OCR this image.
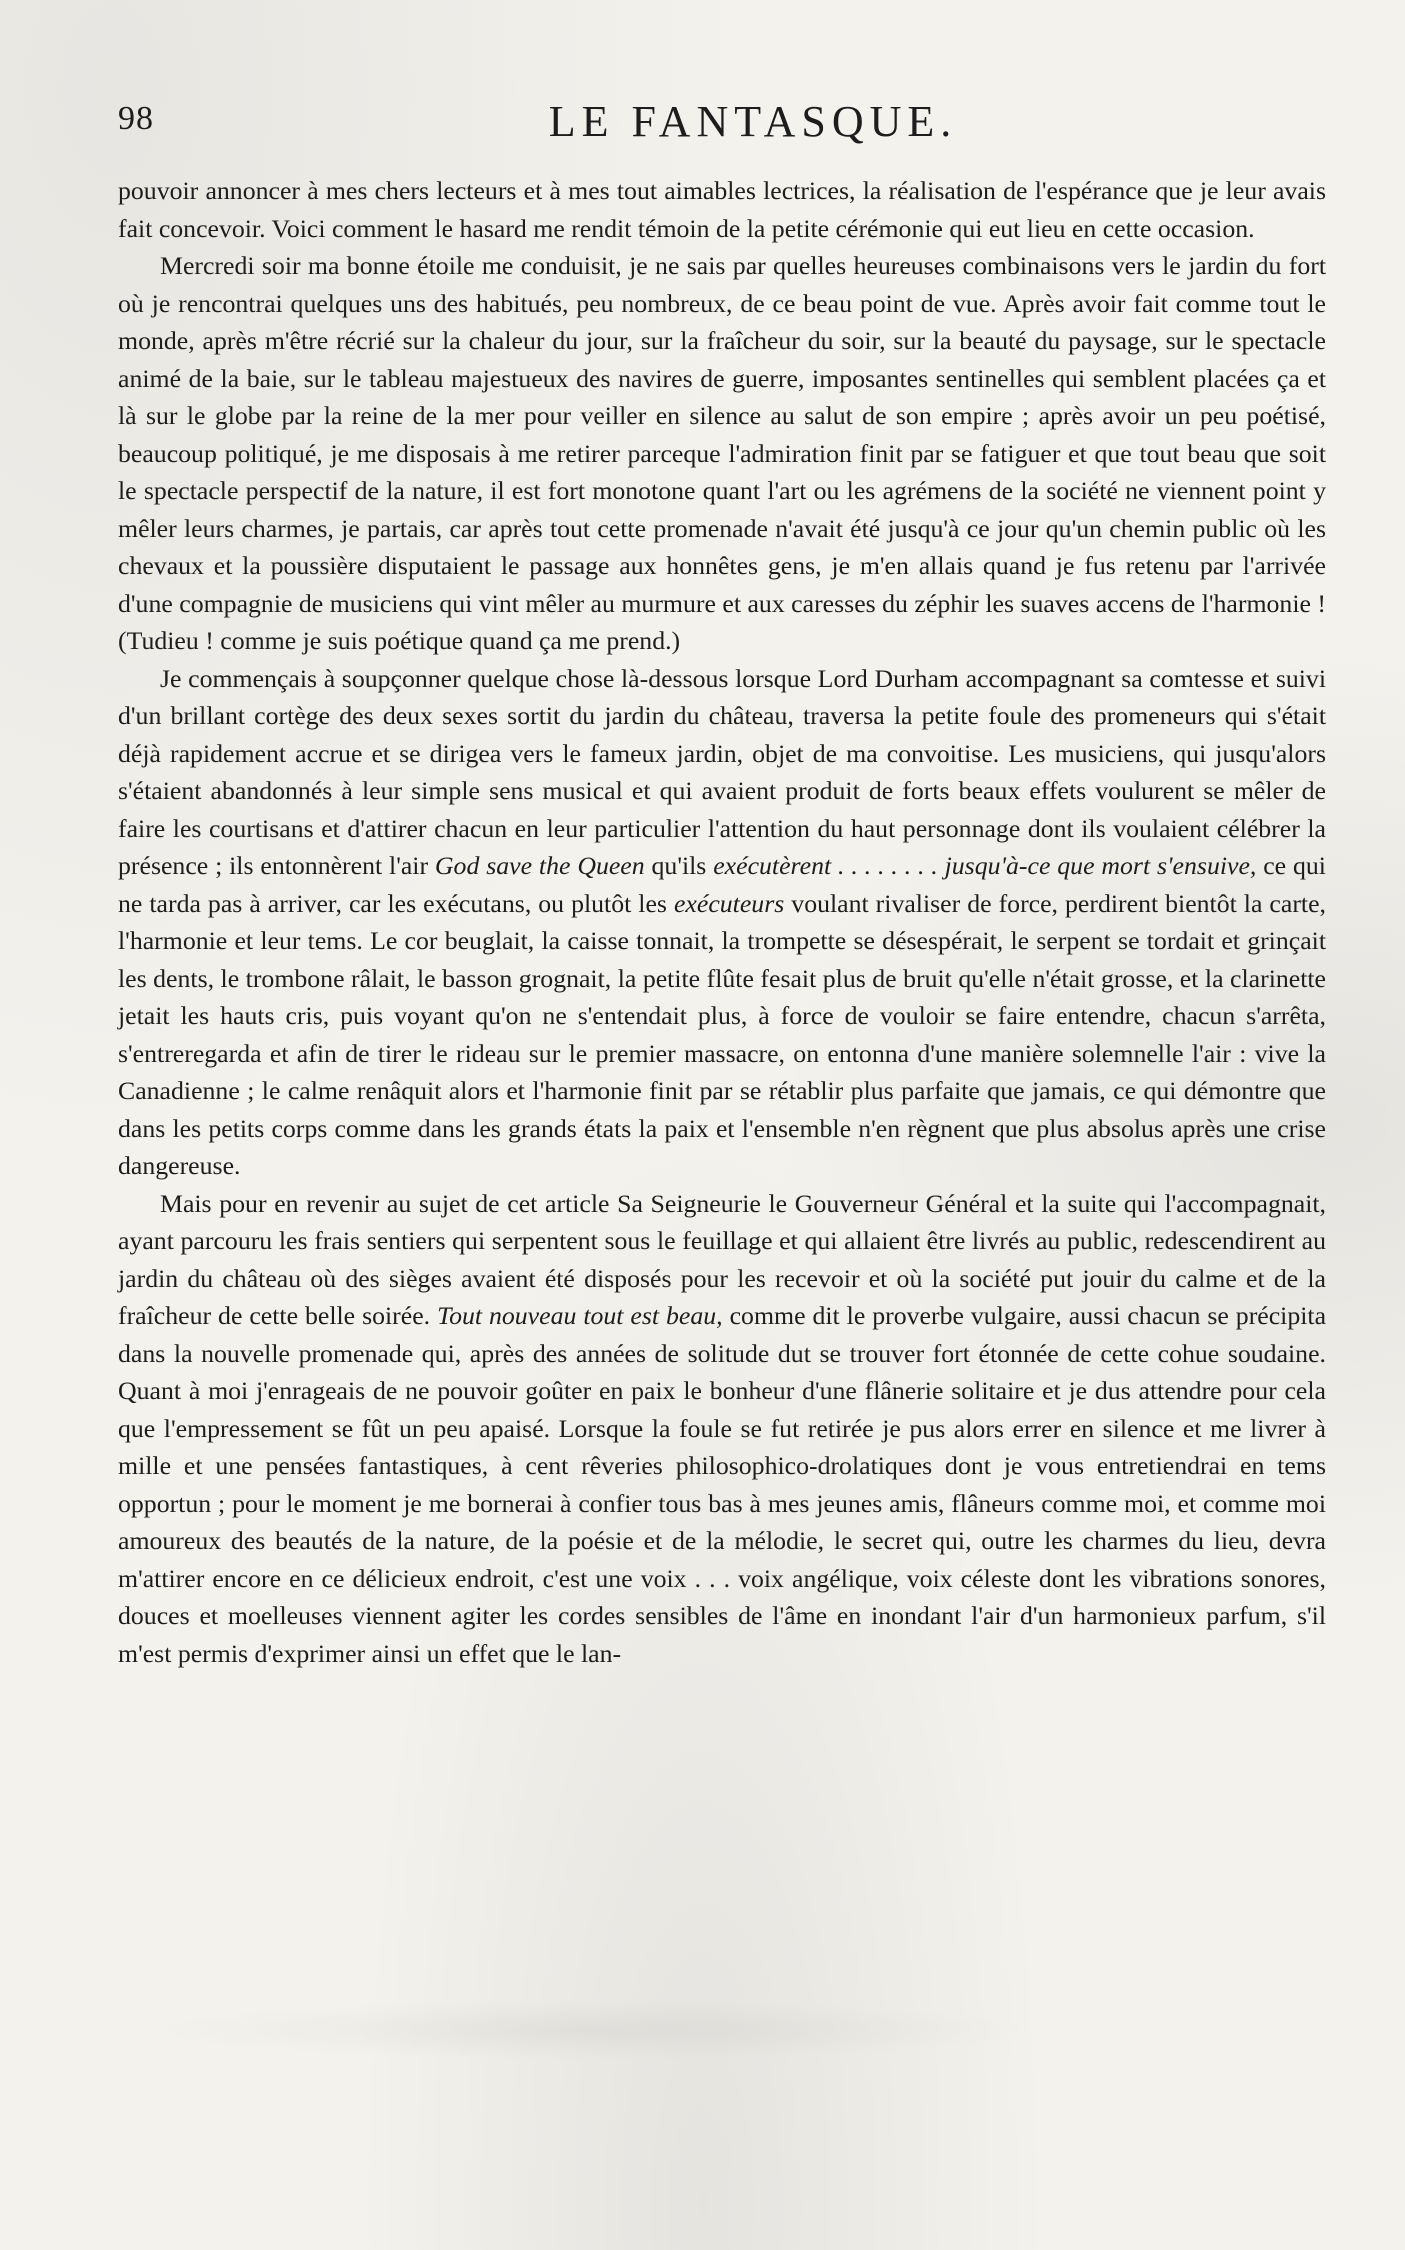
98	LE FANTASQUE.

pouvoir annoncer à mes chers lecteurs et à mes tout aimables lectrices, la réalisation de l'espérance que je leur avais fait concevoir. Voici comment le hasard me rendit témoin de la petite cérémonie qui eut lieu en cette occasion.

Mercredi soir ma bonne étoile me conduisit, je ne sais par quelles heureuses combinaisons vers le jardin du fort où je rencontrai quelques uns des habitués, peu nombreux, de ce beau point de vue. Après avoir fait comme tout le monde, après m'être récrié sur la chaleur du jour, sur la fraîcheur du soir, sur la beauté du paysage, sur le spectacle animé de la baie, sur le tableau majestueux des navires de guerre, imposantes sentinelles qui semblent placées ça et là sur le globe par la reine de la mer pour veiller en silence au salut de son empire ; après avoir un peu poétisé, beaucoup politiqué, je me disposais à me retirer parceque l'admiration finit par se fatiguer et que tout beau que soit le spectacle perspectif de la nature, il est fort monotone quant l'art ou les agrémens de la société ne viennent point y mêler leurs charmes, je partais, car après tout cette promenade n'avait été jusqu'à ce jour qu'un chemin public où les chevaux et la poussière disputaient le passage aux honnêtes gens, je m'en allais quand je fus retenu par l'arrivée d'une compagnie de musiciens qui vint mêler au murmure et aux caresses du zéphir les suaves accens de l'harmonie ! (Tudieu ! comme je suis poétique quand ça me prend.)

Je commençais à soupçonner quelque chose là-dessous lorsque Lord Durham accompagnant sa comtesse et suivi d'un brillant cortège des deux sexes sortit du jardin du château, traversa la petite foule des promeneurs qui s'était déjà rapidement accrue et se dirigea vers le fameux jardin, objet de ma convoitise. Les musiciens, qui jusqu'alors s'étaient abandonnés à leur simple sens musical et qui avaient produit de forts beaux effets voulurent se mêler de faire les courtisans et d'attirer chacun en leur particulier l'attention du haut personnage dont ils voulaient célébrer la présence ; ils entonnèrent l'air God save the Queen qu'ils exécutèrent . . . . . . . . jusqu'à-ce que mort s'ensuive, ce qui ne tarda pas à arriver, car les exécutans, ou plutôt les exécuteurs voulant rivaliser de force, perdirent bientôt la carte, l'harmonie et leur tems. Le cor beuglait, la caisse tonnait, la trompette se désespérait, le serpent se tordait et grinçait les dents, le trombone râlait, le basson grognait, la petite flûte fesait plus de bruit qu'elle n'était grosse, et la clarinette jetait les hauts cris, puis voyant qu'on ne s'entendait plus, à force de vouloir se faire entendre, chacun s'arrêta, s'entreregarda et afin de tirer le rideau sur le premier massacre, on entonna d'une manière solemnelle l'air : vive la Canadienne ; le calme renâquit alors et l'harmonie finit par se rétablir plus parfaite que jamais, ce qui démontre que dans les petits corps comme dans les grands états la paix et l'ensemble n'en règnent que plus absolus après une crise dangereuse.

Mais pour en revenir au sujet de cet article Sa Seigneurie le Gouverneur Général et la suite qui l'accompagnait, ayant parcouru les frais sentiers qui serpentent sous le feuillage et qui allaient être livrés au public, redescendirent au jardin du château où des sièges avaient été disposés pour les recevoir et où la société put jouir du calme et de la fraîcheur de cette belle soirée. Tout nouveau tout est beau, comme dit le proverbe vulgaire, aussi chacun se précipita dans la nouvelle promenade qui, après des années de solitude dut se trouver fort étonnée de cette cohue soudaine. Quant à moi j'enrageais de ne pouvoir goûter en paix le bonheur d'une flânerie solitaire et je dus attendre pour cela que l'empressement se fût un peu apaisé. Lorsque la foule se fut retirée je pus alors errer en silence et me livrer à mille et une pensées fantastiques, à cent rêveries philosophico-drolatiques dont je vous entretiendrai en tems opportun ; pour le moment je me bornerai à confier tous bas à mes jeunes amis, flâneurs comme moi, et comme moi amoureux des beautés de la nature, de la poésie et de la mélodie, le secret qui, outre les charmes du lieu, devra m'attirer encore en ce délicieux endroit, c'est une voix . . . voix angélique, voix céleste dont les vibrations sonores, douces et moelleuses viennent agiter les cordes sensibles de l'âme en inondant l'air d'un harmonieux parfum, s'il m'est permis d'exprimer ainsi un effet que le lan-
